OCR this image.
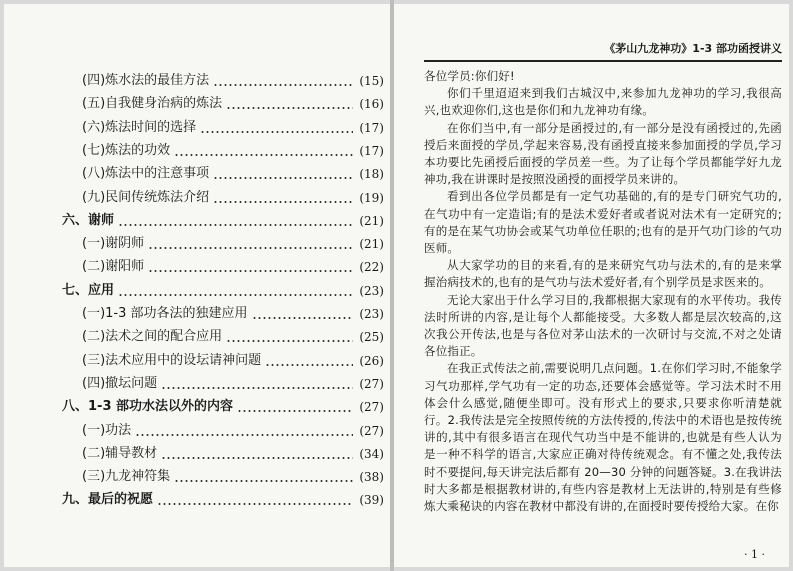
(四)炼水法的最佳方法	(15)
(五)自我健身治病的炼法	(16)
(六)炼法时间的选择	(17)
(七)炼法的功效	(17)
(八)炼法中的注意事项	(18)
(九)民间传统炼法介绍	(19)
六、谢师	(21)
(一)谢阴师	(21)
(二)谢阳师	(22)
七、应用	(23)
(一)1-3 部功各法的独建应用	(23)
(二)法术之间的配合应用	(25)
(三)法术应用中的设坛请神问题	(26)
(四)撤坛问题	(27)
八、1-3 部功水法以外的内容	(27)
(一)功法	(27)
(二)辅导教材	(34)
(三)九龙神符集	(38)
九、最后的祝愿	(39)
《茅山九龙神功》1-3 部功函授讲义

各位学员:你们好!

你们千里迢迢来到我们古城汉中,来参加九龙神功的学习,我很高兴,也欢迎你们,这也是你们和九龙神功有缘。

在你们当中,有一部分是函授过的,有一部分是没有函授过的,先函授后来面授的学员,学起来容易,没有函授直接来参加面授的学员,学习本功要比先函授后面授的学员差一些。为了让每个学员都能学好九龙神功,我在讲课时是按照没函授的面授学员来讲的。

看到出各位学员都是有一定气功基础的,有的是专门研究气功的,在气功中有一定造诣;有的是法术爱好者或者说对法术有一定研究的;有的是在某气功协会或某气功单位任职的;也有的是开气功门诊的气功医师。

从大家学功的目的来看,有的是来研究气功与法术的,有的是来掌握治病技术的,也有的是气功与法术爱好者,有个别学员是求医来的。

无论大家出于什么学习目的,我都根据大家现有的水平传功。我传法时所讲的内容,是让每个人都能接受。大多数人都是层次较高的,这次我公开传法,也是与各位对茅山法术的一次研讨与交流,不对之处请各位指正。

在我正式传法之前,需要说明几点问题。1.在你们学习时,不能象学习气功那样,学气功有一定的功态,还要体会感觉等。学习法术时不用体会什么感觉,随便坐即可。没有形式上的要求,只要求你听清楚就行。2.我传法是完全按照传统的方法传授的,传法中的术语也是按传统讲的,其中有很多语言在现代气功当中是不能讲的,也就是有些人认为是一种不科学的语言,大家应正确对待传统观念。有不懂之处,我传法时不要提问,每天讲完法后都有 20—30 分钟的问题答疑。3.在我讲法时大多都是根据教材讲的,有些内容是教材上无法讲的,特别是有些修炼大乘秘诀的内容在教材中都没有讲的,在面授时要传授给大家。在你

· 1 ·
